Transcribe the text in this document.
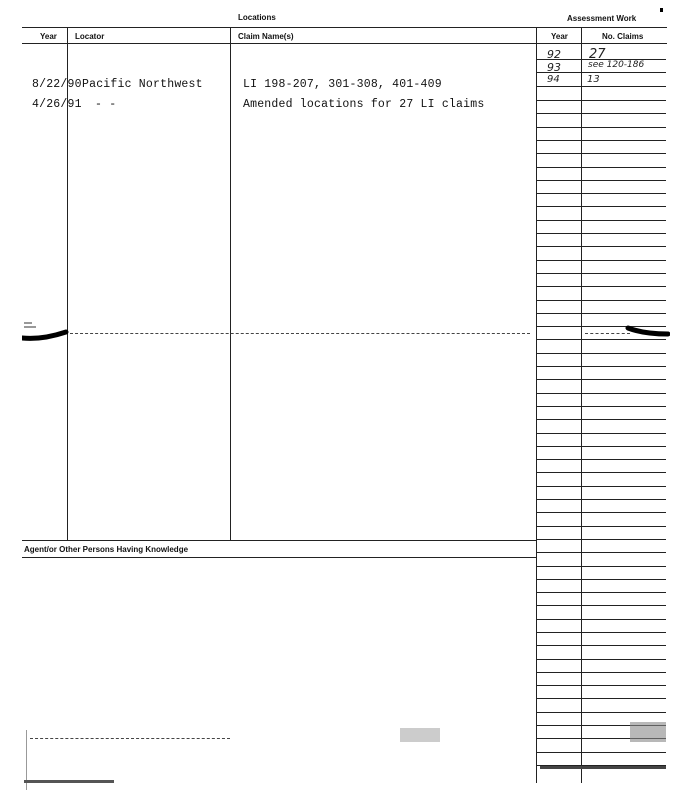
Locations	Assessment Work
Year Locator	Claim Name(s)	Year	No. Claims
92 27
93	see 120-186
94	13
8/22/90 Pacific Northwest	LI 198-207, 301-308, 401-409
4/26/91 - -	Amended locations for 27 LI claims
Agent/or Other Persons Having Knowledge
